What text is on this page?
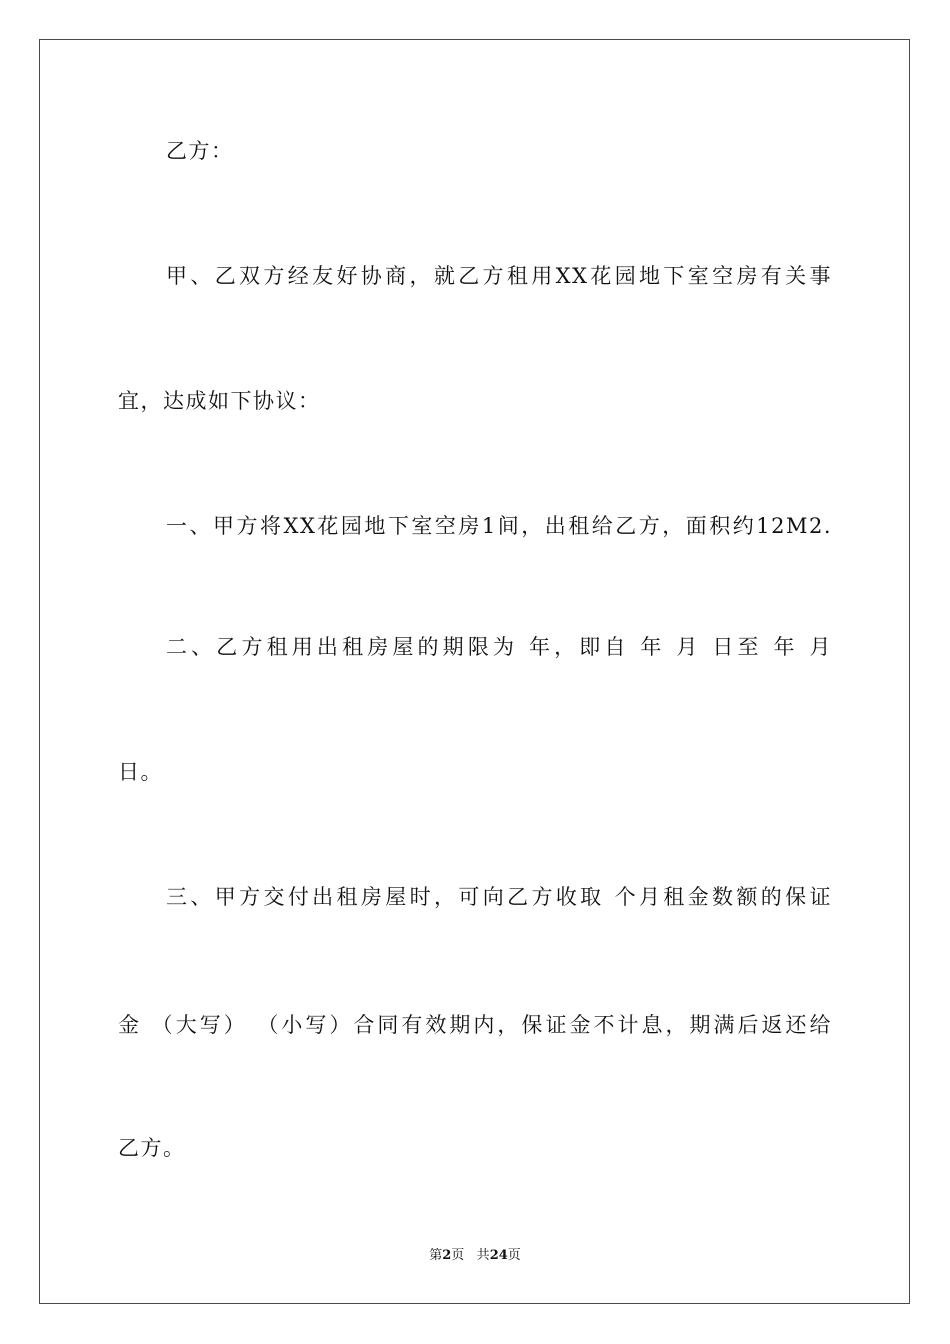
乙方：
甲、乙双方经友好协商，就乙方租用XX花园地下室空房有关事
宜，达成如下协议：
一、甲方将XX花园地下室空房1间，出租给乙方，面积约12M2.
二、乙方租用出租房屋的期限为 年，即自 年 月 日至 年 月
日。
三、甲方交付出租房屋时，可向乙方收取 个月租金数额的保证
金 （大写） （小写）合同有效期内，保证金不计息，期满后返还给
乙方。
第2页 共24页
